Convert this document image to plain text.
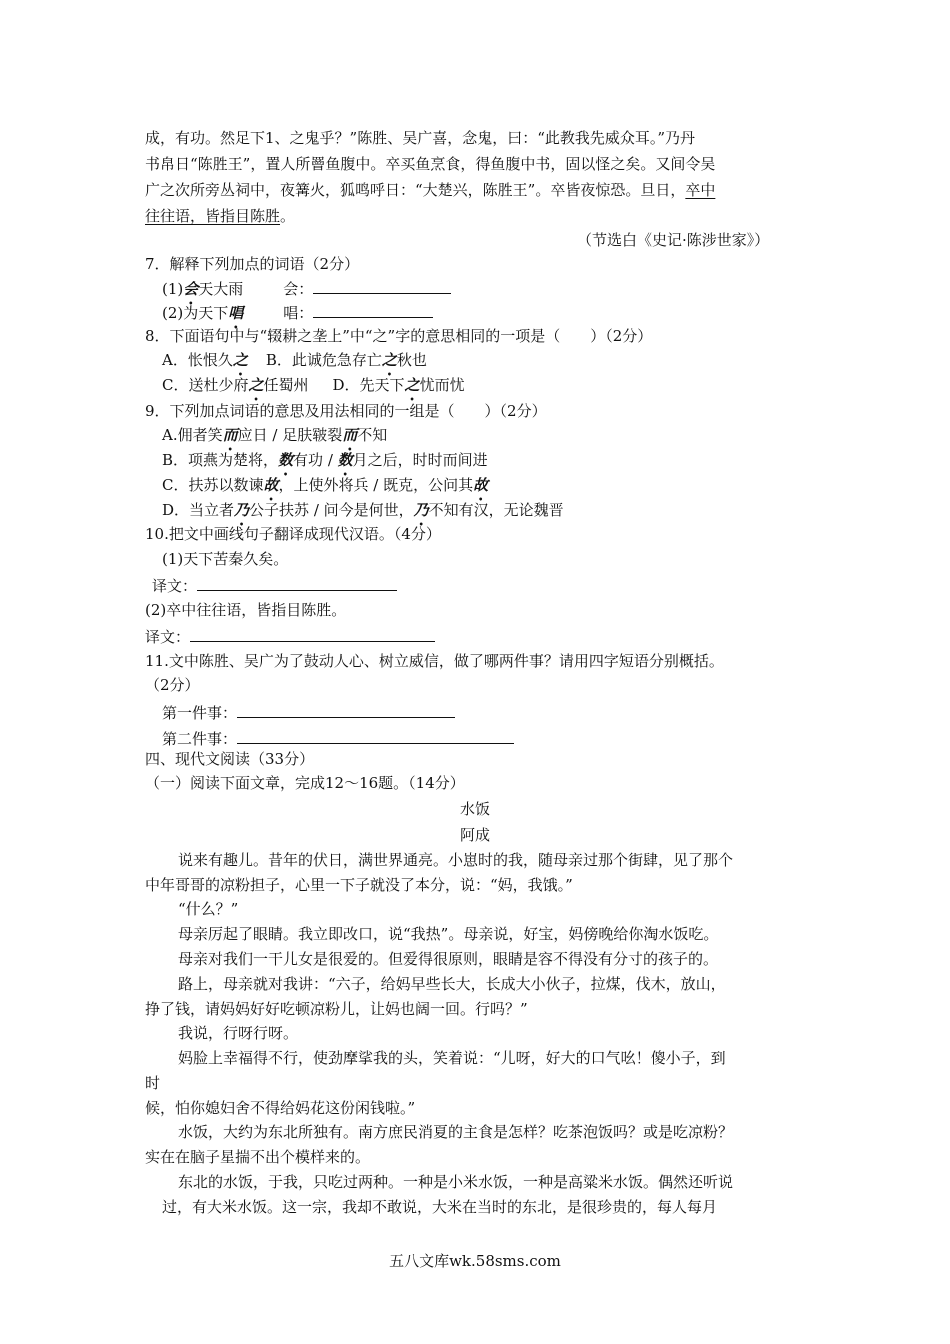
成，有功。然足下1、之鬼乎？”陈胜、吴广喜，念鬼，曰：“此教我先威众耳。”乃丹
书帛日“陈胜王”，置人所罾鱼腹中。卒买鱼烹食，得鱼腹中书，固以怪之矣。又间令吴
广之次所旁丛祠中，夜篝火，狐鸣呼日：“大楚兴，陈胜王”。卒皆夜惊恐。旦日，卒中
往往语，皆指目陈胜。
（节选白《史记·陈涉世家》）
7．解释下列加点的词语（2分）
(1)会天大雨	会：
(2)为天下唱	唱：
8．下面语句中与“辍耕之垄上”中“之”字的意思相同的一项是（　　）（2分）
A．怅恨久之 B．此诚危急存亡之秋也
C．送杜少府之任蜀州 D．先天下之忧而忧
9．下列加点词语的意思及用法相同的一组是（　　）（2分）
A.佣者笑而应日 / 足肤皲裂而不知
B．项燕为楚将，数有功 / 数月之后，时时而间进
C．扶苏以数谏故，上使外将兵 / 既克，公问其故
D．当立者乃公子扶苏 / 问今是何世，乃不知有汉，无论魏晋
10.把文中画线句子翻译成现代汉语。（4分）
(1)天下苦秦久矣。
译文：
(2)卒中往往语，皆指目陈胜。
译文：
11.文中陈胜、吴广为了鼓动人心、树立威信，做了哪两件事？请用四字短语分别概括。
（2分）
第一件事：
第二件事：
四、现代文阅读（33分）
（一）阅读下面文章，完成12～16题。（14分）
水饭
阿成
说来有趣儿。昔年的伏日，满世界通亮。小崽时的我，随母亲过那个街肆，见了那个
中年哥哥的凉粉担子，心里一下子就没了本分，说：“妈，我饿。”
“什么？”
母亲厉起了眼睛。我立即改口，说“我热”。母亲说，好宝，妈傍晚给你淘水饭吃。
母亲对我们一干儿女是很爱的。但爱得很原则，眼睛是容不得没有分寸的孩子的。
路上，母亲就对我讲：“六子，给妈早些长大，长成大小伙子，拉煤，伐木，放山，
挣了钱，请妈妈好好吃顿凉粉儿，让妈也阔一回。行吗？”
我说，行呀行呀。
妈脸上幸福得不行，使劲摩挲我的头，笑着说：“儿呀，好大的口气吆！傻小子，到
时
候，怕你媳妇舍不得给妈花这份闲钱啦。”
水饭，大约为东北所独有。南方庶民消夏的主食是怎样？吃茶泡饭吗？或是吃凉粉？
实在在脑子星揣不出个模样来的。
东北的水饭，于我，只吃过两种。一种是小米水饭，一种是高粱米水饭。偶然还听说
过，有大米水饭。这一宗，我却不敢说，大米在当时的东北，是很珍贵的，每人每月
五八文库wk.58sms.com
